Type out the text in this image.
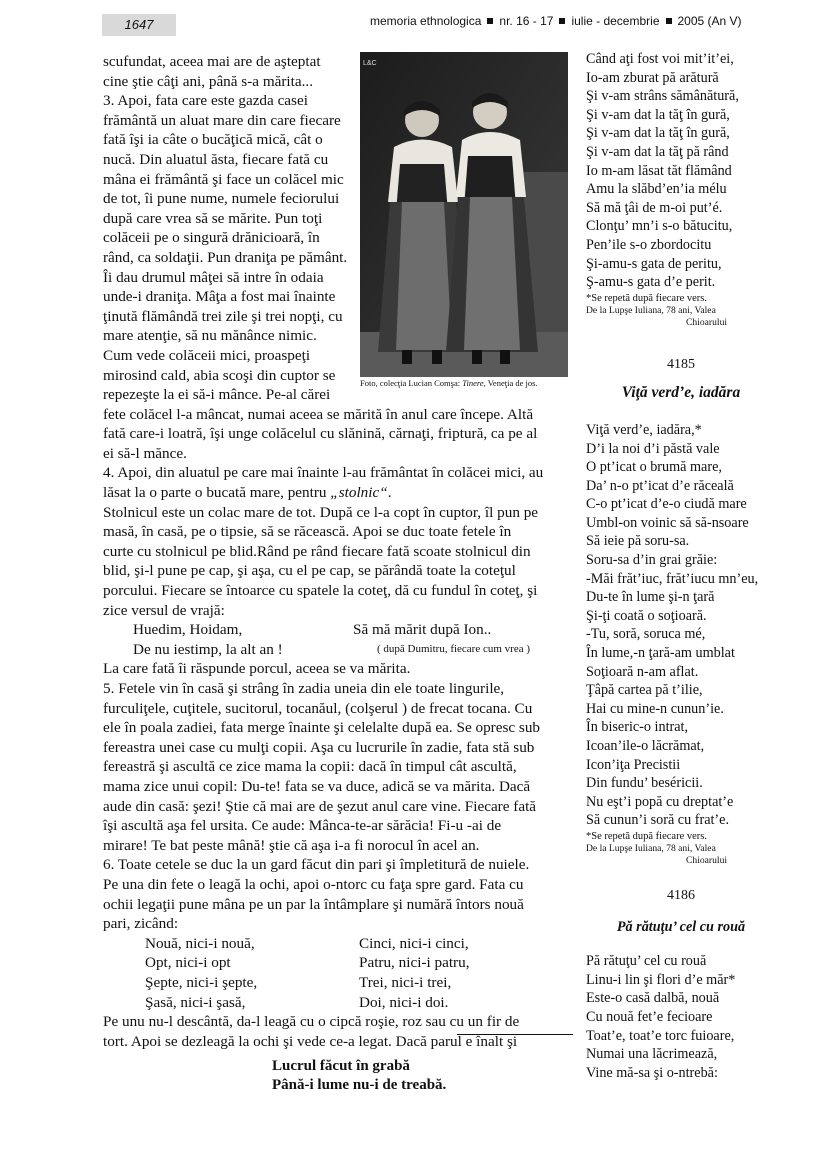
1647	memoria ethnologica nr. 16 - 17 iulie - decembrie 2005 (An V)
L&C
Foto, colecţia Lucian Comşa: Tinere, Veneţia de jos.

scufundat, aceea mai are de aşteptat
cine ştie câţi ani, până s-a mărita...

3. Apoi, fata care este gazda casei
frământă un aluat mare din care fiecare
fată îşi ia câte o bucăţică mică, cât o
nucă. Din aluatul ăsta, fiecare fată cu
mâna ei frământă şi face un colăcel mic
de tot, îi pune nume, numele feciorului
după care vrea să se mărite. Pun toţi
colăceii pe o singură drănicioară, în
rând, ca soldaţii. Pun draniţa pe pământ.
Îi dau drumul mâţei să intre în odaia
unde-i draniţa. Mâţa a fost mai înainte
ţinută flămândă trei zile şi trei nopţi, cu
mare atenţie, să nu mănânce nimic.
Cum vede colăceii mici, proaspeţi
mirosind cald, abia scoşi din cuptor se
repezeşte la ei să-i mânce. Pe-al cărei

fete colăcel l-a mâncat, numai aceea se mărită în anul care începe. Altă
fată care-i loatră, îşi unge colăcelul cu slănină, cărnaţi, friptură, ca pe al
ei să-l mănce.

4. Apoi, din aluatul pe care mai înainte l-au frământat în colăcei mici, au
lăsat la o parte o bucată mare, pentru „stolnic“.

Stolnicul este un colac mare de tot. După ce l-a copt în cuptor, îl pun pe
masă, în casă, pe o tipsie, să se răcească. Apoi se duc toate fetele în
curte cu stolnicul pe blid.Rând pe rând fiecare fată scoate stolnicul din
blid, şi-l pune pe cap, şi aşa, cu el pe cap, se părândă toate la coteţul
porcului. Fiecare se întoarce cu spatele la coteţ, dă cu fundul în coteţ, şi
zice versul de vrajă:

Huedim, Hoidam,	Să mă mărit după Ion..
De nu iestimp, la alt an !	( după Dumitru, fiecare cum vrea )

La care fată îi răspunde porcul, aceea se va mărita.
5. Fetele vin în casă şi strâng în zadia uneia din ele toate lingurile,
furculiţele, cuţitele, sucitorul, tocanăul, (colşerul ) de frecat tocana. Cu
ele în poala zadiei, fata merge înainte şi celelalte după ea. Se opresc sub
fereastra unei case cu mulţi copii. Aşa cu lucrurile în zadie, fata stă sub
fereastră şi ascultă ce zice mama la copii: dacă în timpul cât ascultă,
mama zice unui copil: Du-te! fata se va duce, adică se va mărita. Dacă
aude din casă: şezi! Ştie că mai are de şezut anul care vine. Fiecare fată
îşi ascultă aşa fel ursita. Ce aude: Mânca-te-ar sărăcia! Fi-u -ai de
mirare! Te bat peste mână! ştie că aşa i-a fi norocul în acel an.
6. Toate cetele se duc la un gard făcut din pari şi împletitură de nuiele.
Pe una din fete o leagă la ochi, apoi o-ntorc cu faţa spre gard. Fata cu
ochii legaţii pune mâna pe un par la întâmplare şi numără întors nouă
pari, zicând:

Nouă, nici-i nouă,	Cinci, nici-i cinci,
Opt, nici-i opt	Patru, nici-i patru,
Şepte, nici-i şepte,	Trei, nici-i trei,
Şasă, nici-i şasă,	Doi, nici-i doi.

Pe unu nu-l descântă, da-l leagă cu o cipcă roşie, roz sau cu un fir de
tort. Apoi se dezleagă la ochi şi vede ce-a legat. Dacă parul e înalt şi

Lucrul făcut în grabă
Până-i lume nu-i de treabă.
Când aţi fost voi mit’it’ei,
Io-am zburat pă arătură
Şi v-am strâns sămânătură,
Şi v-am dat la tăţ în gură,
Şi v-am dat la tăţ în gură,
Şi v-am dat la tăţ pă rând
Io m-am lăsat tăt flămând
Amu la slăbd’en’ia mélu
Să mă ţâi de m-oi put’é.
Clonţu’ mn’i s-o bătucitu,
Pen’ile s-o zbordocitu
Şi-amu-s gata de peritu,
Ş-amu-s gata d’e perit.
*Se repetă după fiecare vers.
De la Lupşe Iuliana, 78 ani, Valea
Chioarului
4185
Viţă verd’e, iadăra
Viţă verd’e, iadăra,*
D’i la noi d’i păstă vale
O pt’icat o brumă mare,
Da’ n-o pt’icat d’e răceală
C-o pt’icat d’e-o ciudă mare
Umbl-on voinic să să-nsoare
Să ieie pă soru-sa.
Soru-sa d’in grai grăie:
-Măi frăt’iuc, frăt’iucu mn’eu,
Du-te în lume şi-n ţară
Şi-ţi coată o soţioară.
-Tu, soră, soruca mé,
În lume,-n ţară-am umblat
Soţioară n-am aflat.
Ţâpă cartea pă t’ilie,
Hai cu mine-n cunun’ie.
În biseric-o intrat,
Icoan’ile-o lăcrămat,
Icon’iţa Precistii
Din fundu’ beséricii.
Nu eşt’i popă cu dreptat’e
Să cunun’i soră cu frat’e.
*Se repetă după fiecare vers.
De la Lupşe Iuliana, 78 ani, Valea
Chioarului
4186
Pă rătuţu’ cel cu rouă
Pă rătuţu’ cel cu rouă
Linu-i lin şi flori d’e măr*
Este-o casă dalbă, nouă
Cu nouă fet’e fecioare
Toat’e, toat’e torc fuioare,
Numai una lăcrimează,
Vine mă-sa şi o-ntrebă:
